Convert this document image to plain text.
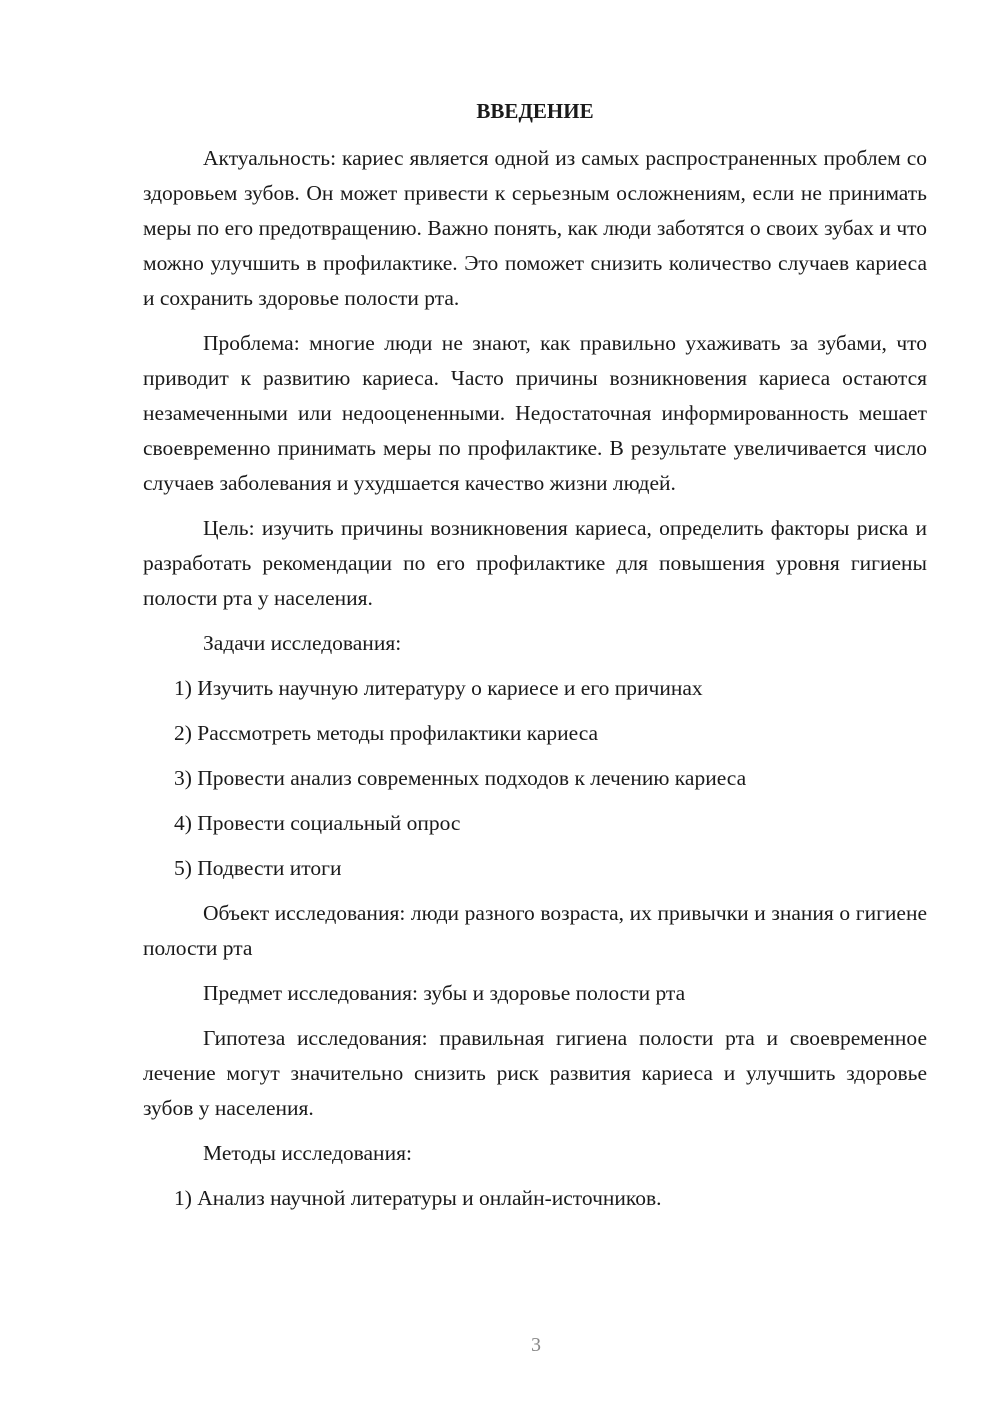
ВВЕДЕНИЕ

Актуальность: кариес является одной из самых распространенных проблем со здоровьем зубов. Он может привести к серьезным осложнениям, если не принимать меры по его предотвращению. Важно понять, как люди заботятся о своих зубах и что можно улучшить в профилактике. Это поможет снизить количество случаев кариеса и сохранить здоровье полости рта.

Проблема: многие люди не знают, как правильно ухаживать за зубами, что приводит к развитию кариеса. Часто причины возникновения кариеса остаются незамеченными или недооцененными. Недостаточная информированность мешает своевременно принимать меры по профилактике. В результате увеличивается число случаев заболевания и ухудшается качество жизни людей.

Цель: изучить причины возникновения кариеса, определить факторы риска и разработать рекомендации по его профилактике для повышения уровня гигиены полости рта у населения.

Задачи исследования:

1) Изучить научную литературу о кариесе и его причинах

2) Рассмотреть методы профилактики кариеса

3) Провести анализ современных подходов к лечению кариеса

4) Провести социальный опрос

5) Подвести итоги

Объект исследования: люди разного возраста, их привычки и знания о гигиене полости рта

Предмет исследования: зубы и здоровье полости рта

Гипотеза исследования: правильная гигиена полости рта и своевременное лечение могут значительно снизить риск развития кариеса и улучшить здоровье зубов у населения.

Методы исследования:

1) Анализ научной литературы и онлайн-источников.

3
